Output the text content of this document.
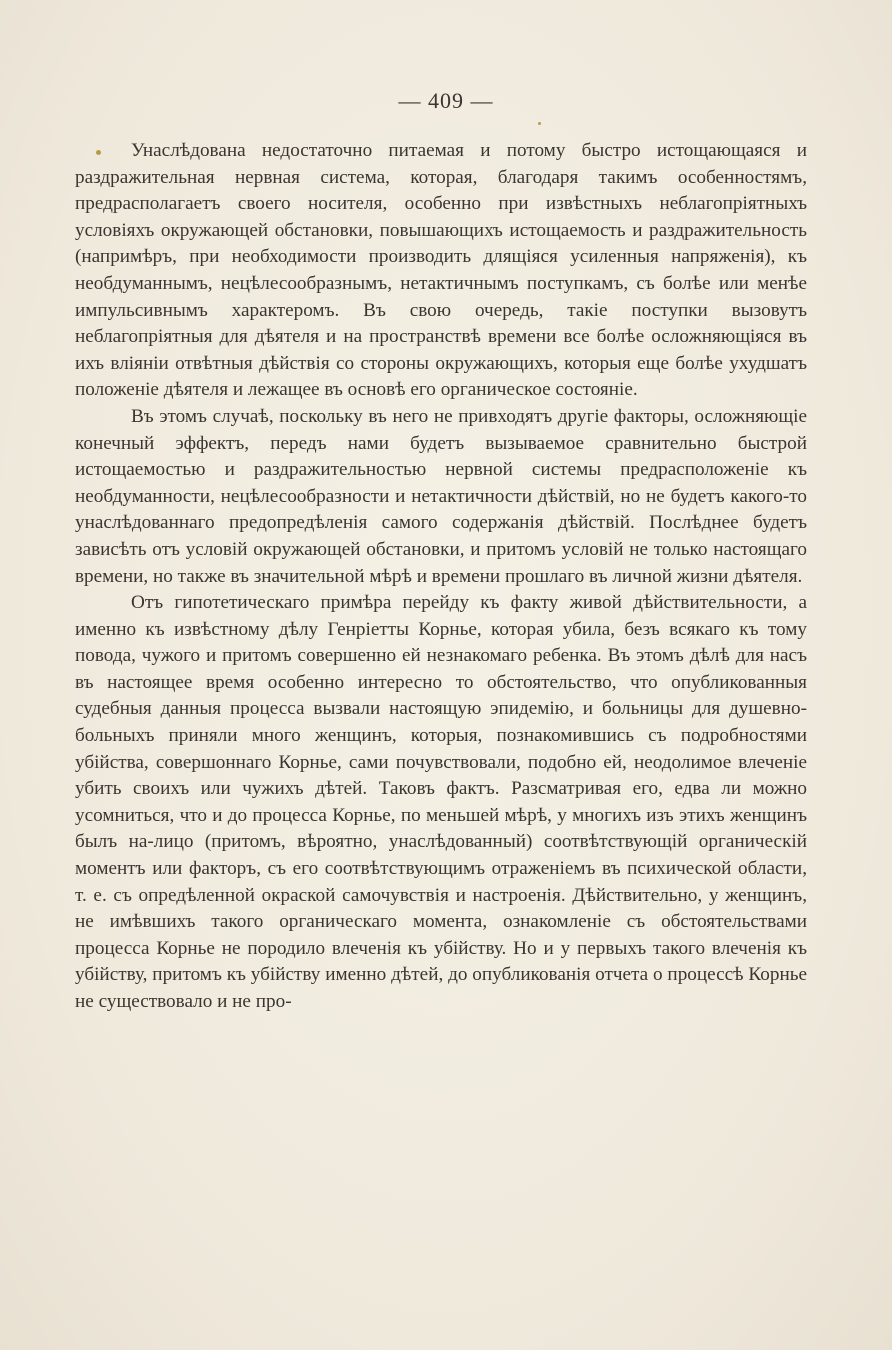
— 409 —

Унаслѣдована недостаточно питаемая и потому быстро истощающаяся и раздражительная нервная система, которая, благодаря такимъ особенностямъ, предрасполагаетъ своего носителя, особенно при извѣстныхъ неблагопріятныхъ условіяхъ окружающей обстановки, повышающихъ истощаемость и раздражительность (напримѣръ, при необходимости производить длящіяся усиленныя напряженія), къ необдуманнымъ, нецѣлесообразнымъ, нетактичнымъ поступкамъ, съ болѣе или менѣе импульсивнымъ характеромъ. Въ свою очередь, такіе поступки вызовутъ неблагопріятныя для дѣятеля и на пространствѣ времени все болѣе осложняющіяся въ ихъ вліяніи отвѣтныя дѣйствія со стороны окружающихъ, которыя еще болѣе ухудшатъ положеніе дѣятеля и лежащее въ основѣ его органическое состояніе.

Въ этомъ случаѣ, поскольку въ него не привходятъ другіе факторы, осложняющіе конечный эффектъ, передъ нами будетъ вызываемое сравнительно быстрой истощаемостью и раздражительностью нервной системы предрасположеніе къ необдуманности, нецѣлесообразности и нетактичности дѣйствій, но не будетъ какого-то унаслѣдованнаго предопредѣленія самого содержанія дѣйствій. Послѣднее будетъ зависѣть отъ условій окружающей обстановки, и притомъ условій не только настоящаго времени, но также въ значительной мѣрѣ и времени прошлаго въ личной жизни дѣятеля.

Отъ гипотетическаго примѣра перейду къ факту живой дѣйствительности, а именно къ извѣстному дѣлу Генріетты Корнье, которая убила, безъ всякаго къ тому повода, чужого и притомъ совершенно ей незнакомаго ребенка. Въ этомъ дѣлѣ для насъ въ настоящее время особенно интересно то обстоятельство, что опубликованныя судебныя данныя процесса вызвали настоящую эпидемію, и больницы для душевно-больныхъ приняли много женщинъ, которыя, познакомившись съ подробностями убійства, совершоннаго Корнье, сами почувствовали, подобно ей, неодолимое влеченіе убить своихъ или чужихъ дѣтей. Таковъ фактъ. Разсматривая его, едва ли можно усомниться, что и до процесса Корнье, по меньшей мѣрѣ, у многихъ изъ этихъ женщинъ былъ на-лицо (притомъ, вѣроятно, унаслѣдованный) соотвѣтствующій органическій моментъ или факторъ, съ его соотвѣтствующимъ отраженіемъ въ психической области, т. е. съ опредѣленной окраской самочувствія и настроенія. Дѣйствительно, у женщинъ, не имѣвшихъ такого органическаго момента, ознакомленіе съ обстоятельствами процесса Корнье не породило влеченія къ убійству. Но и у первыхъ такого влеченія къ убійству, притомъ къ убійству именно дѣтей, до опубликованія отчета о процессѣ Корнье не существовало и не про-
